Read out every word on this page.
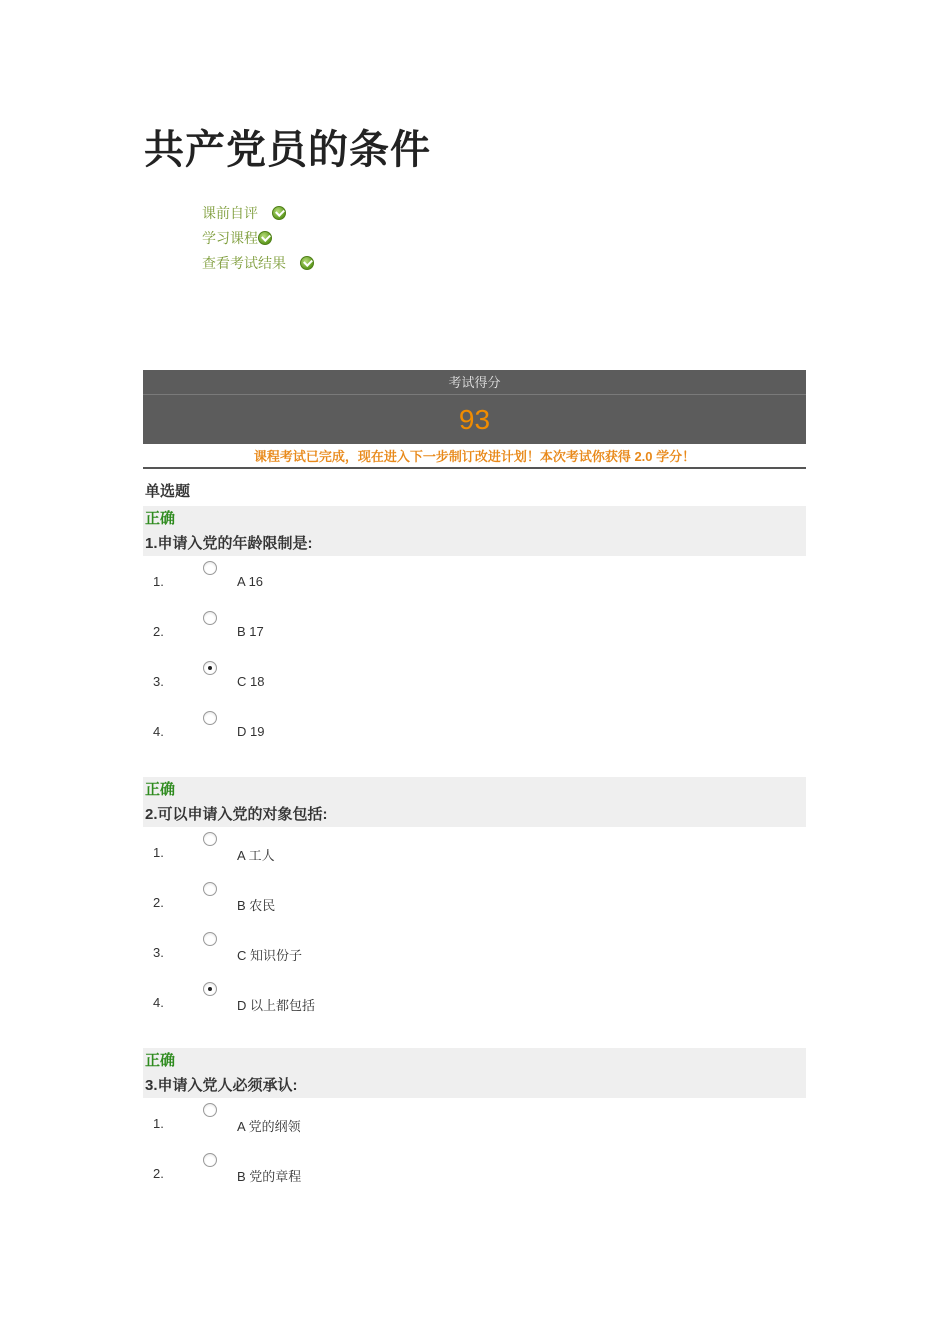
共产党员的条件
课前自评
学习课程
查看考试结果
考试得分
93
课程考试已完成，现在进入下一步制订改进计划！本次考试你获得 2.0 学分！
单选题
正确
1.申请入党的年龄限制是:
1.	A 16
2.	B 17
3.	C 18
4.	D 19
正确
2.可以申请入党的对象包括:
1.	A 工人
2.	B 农民
3.	C 知识份子
4.	D 以上都包括
正确
3.申请入党人必须承认:
1.	A 党的纲领
2.	B 党的章程
